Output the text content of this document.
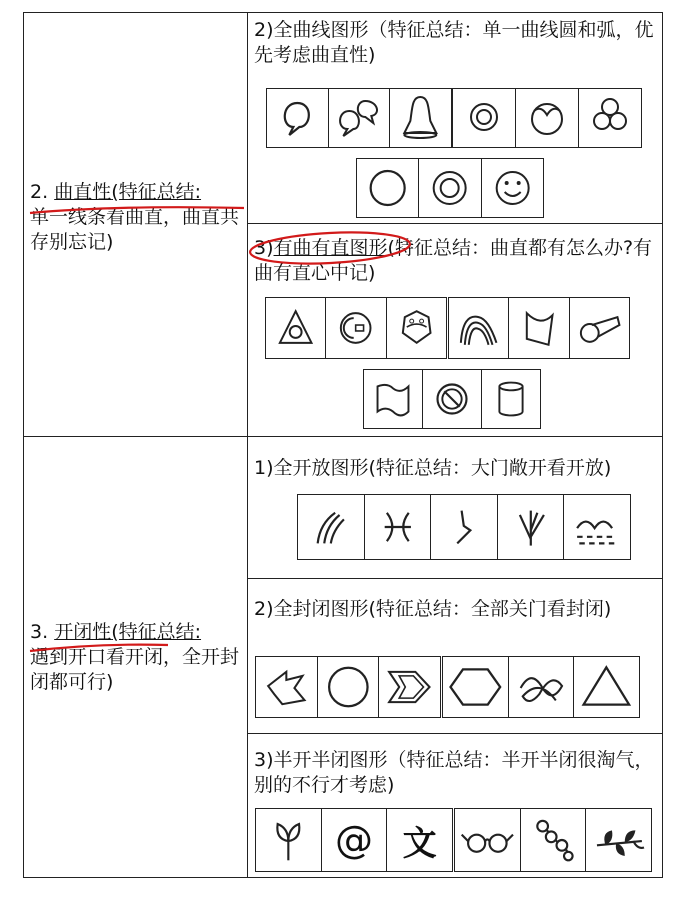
2. 曲直性(特征总结:
单一线条看曲直，曲直共存别忘记)
2)全曲线图形（特征总结：单一曲线圆和弧，优先考虑曲直性)
3)有曲有直图形(特征总结：曲直都有怎么办?有曲有直心中记)
3. 开闭性(特征总结:
遇到开口看开闭，全开封闭都可行)
1)全开放图形(特征总结：大门敞开看开放)
2)全封闭图形(特征总结：全部关门看封闭)
3)半开半闭图形（特征总结：半开半闭很淘气，别的不行才考虑)
@ 文
